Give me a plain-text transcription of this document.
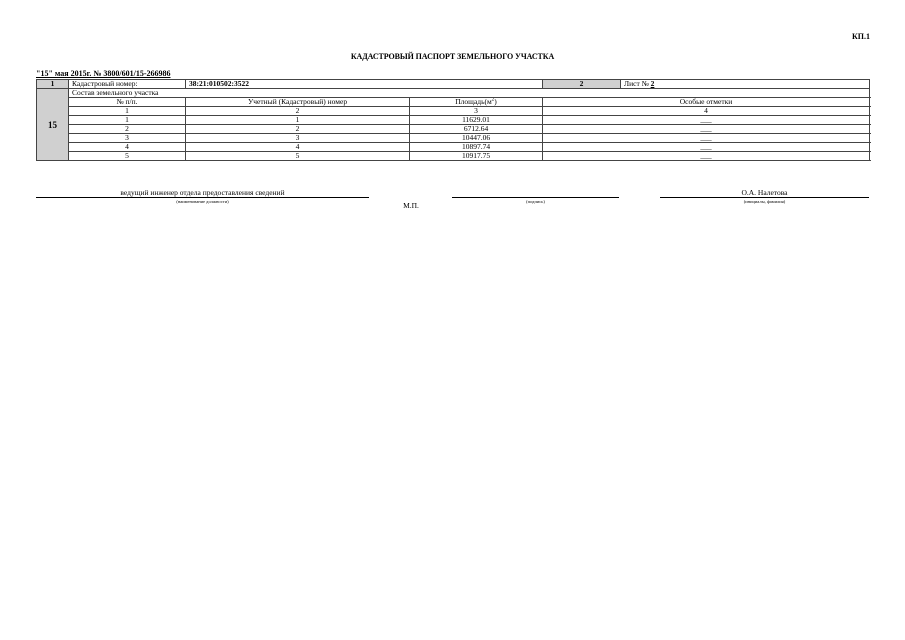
КП.1
КАДАСТРОВЫЙ ПАСПОРТ ЗЕМЕЛЬНОГО УЧАСТКА
"15" мая 2015г. № 3800/601/15-266986
1	Кадастровый номер:	38:21:010502:3522		2	Лист № 2		
15	Состав земельного участка					
	№ п/п.	Учетный (Кадастровый) номер	$Площадь(м^2)$	Особые отметки		
	1	2	3	4		
	1	1	11629.01	___		
	2	2	6712.64	___		
	3	3	10447.06	___		
	4	4	10897.74	___		
	5	5	10917.75	___		
ведущий инженер отдела предоставления сведений
(наименование должности)	М.П.	(подпись)
О.А. Налетова
(инициалы, фамилия)
